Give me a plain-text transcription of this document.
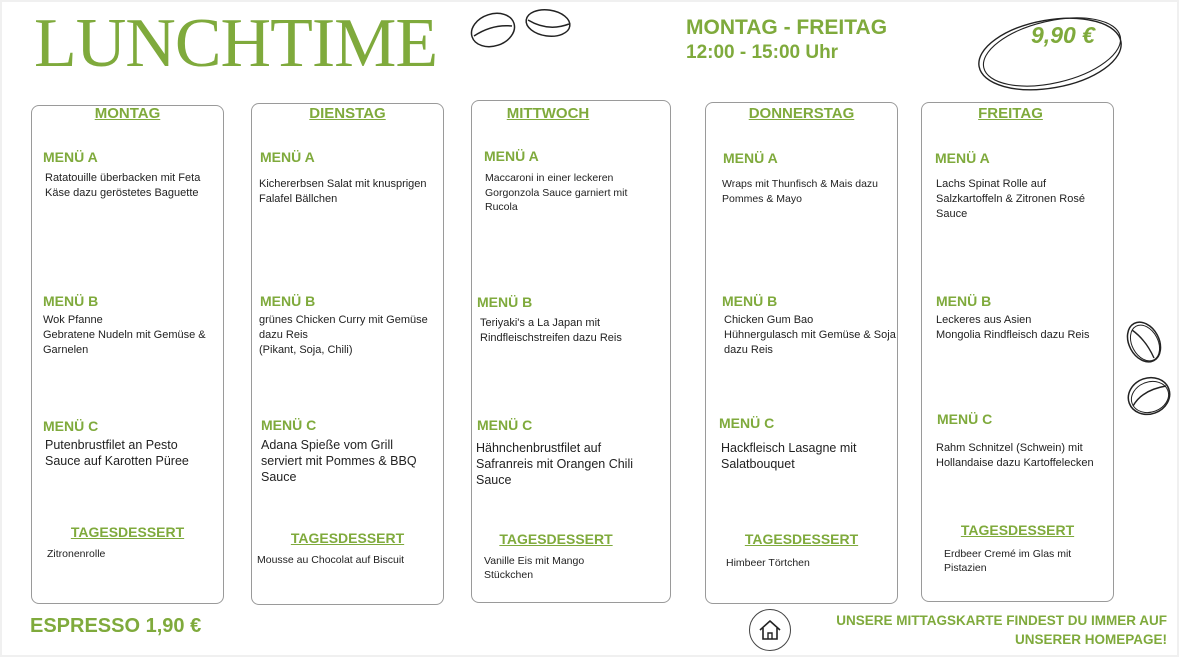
LUNCHTIME	MONTAG - FREITAG
12:00 - 15:00 Uhr
9,90 €
MONTAG
MENÜ A
Ratatouille überbacken mit Feta Käse dazu geröstetes Baguette
MENÜ B
Wok Pfanne
Gebratene Nudeln mit Gemüse & Garnelen
MENÜ C
Putenbrustfilet an Pesto Sauce auf Karotten Püree
TAGESDESSERT
Zitronenrolle
DIENSTAG
MENÜ A
Kichererbsen Salat mit knusprigen Falafel Bällchen
MENÜ B
grünes Chicken Curry mit Gemüse dazu Reis
(Pikant, Soja, Chili)
MENÜ C
Adana Spieße vom Grill serviert mit Pommes & BBQ Sauce
TAGESDESSERT
Mousse au Chocolat auf Biscuit
MITTWOCH
MENÜ A
Maccaroni in einer leckeren Gorgonzola Sauce garniert mit Rucola
MENÜ B
Teriyaki's a La Japan mit Rindfleischstreifen dazu Reis
MENÜ C
Hähnchenbrustfilet auf Safranreis mit Orangen Chili Sauce
TAGESDESSERT
Vanille Eis mit Mango Stückchen
DONNERSTAG
MENÜ A
Wraps mit Thunfisch & Mais dazu Pommes & Mayo
MENÜ B
Chicken Gum Bao
Hühnergulasch mit Gemüse & Soja dazu Reis
MENÜ C
Hackfleisch Lasagne mit Salatbouquet
TAGESDESSERT
Himbeer Törtchen
FREITAG
MENÜ A
Lachs Spinat Rolle auf Salzkartoffeln & Zitronen Rosé Sauce
MENÜ B
Leckeres aus Asien
Mongolia Rindfleisch dazu Reis
MENÜ C
Rahm Schnitzel (Schwein) mit Hollandaise dazu Kartoffelecken
TAGESDESSERT
Erdbeer Cremé im Glas mit Pistazien
ESPRESSO 1,90 €	UNSERE MITTAGSKARTE FINDEST DU IMMER AUF UNSERER HOMEPAGE!
